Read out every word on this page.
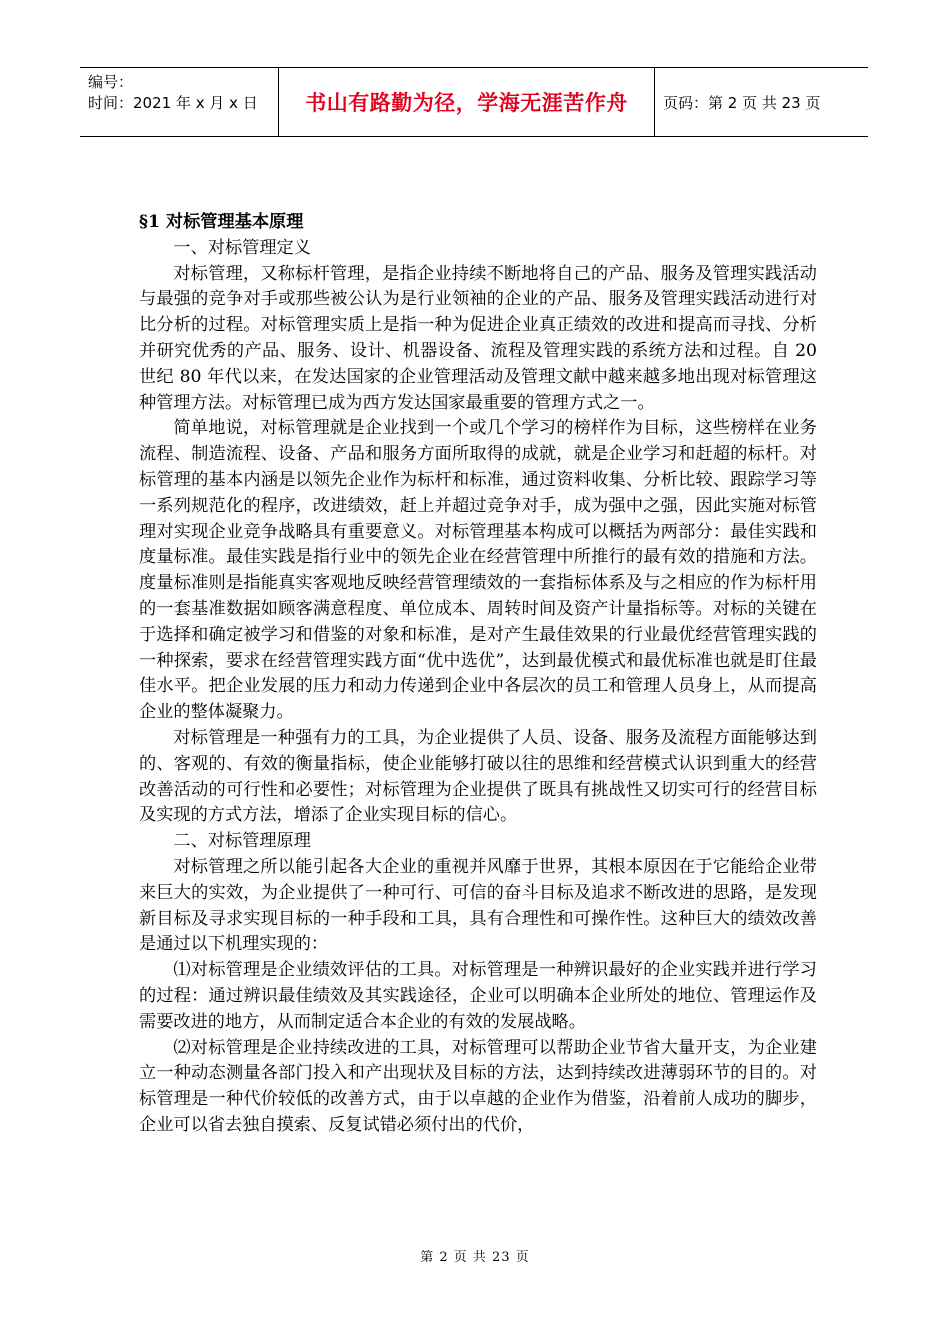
编号：
时间：2021 年 x 月 x 日	书山有路勤为径，学海无涯苦作舟	页码：第 2 页 共 23 页

§1 对标管理基本原理

一、对标管理定义

对标管理，又称标杆管理，是指企业持续不断地将自己的产品、服务及管理实践活动与最强的竞争对手或那些被公认为是行业领袖的企业的产品、服务及管理实践活动进行对比分析的过程。对标管理实质上是指一种为促进企业真正绩效的改进和提高而寻找、分析并研究优秀的产品、服务、设计、机器设备、流程及管理实践的系统方法和过程。自 20 世纪 80 年代以来，在发达国家的企业管理活动及管理文献中越来越多地出现对标管理这种管理方法。对标管理已成为西方发达国家最重要的管理方式之一。

简单地说，对标管理就是企业找到一个或几个学习的榜样作为目标，这些榜样在业务流程、制造流程、设备、产品和服务方面所取得的成就，就是企业学习和赶超的标杆。对标管理的基本内涵是以领先企业作为标杆和标准，通过资料收集、分析比较、跟踪学习等一系列规范化的程序，改进绩效，赶上并超过竞争对手，成为强中之强，因此实施对标管理对实现企业竞争战略具有重要意义。对标管理基本构成可以概括为两部分：最佳实践和度量标准。最佳实践是指行业中的领先企业在经营管理中所推行的最有效的措施和方法。度量标准则是指能真实客观地反映经营管理绩效的一套指标体系及与之相应的作为标杆用的一套基准数据如顾客满意程度、单位成本、周转时间及资产计量指标等。对标的关键在于选择和确定被学习和借鉴的对象和标准，是对产生最佳效果的行业最优经营管理实践的一种探索，要求在经营管理实践方面“优中选优”，达到最优模式和最优标准也就是盯住最佳水平。把企业发展的压力和动力传递到企业中各层次的员工和管理人员身上，从而提高企业的整体凝聚力。

对标管理是一种强有力的工具，为企业提供了人员、设备、服务及流程方面能够达到的、客观的、有效的衡量指标，使企业能够打破以往的思维和经营模式认识到重大的经营改善活动的可行性和必要性；对标管理为企业提供了既具有挑战性又切实可行的经营目标及实现的方式方法，增添了企业实现目标的信心。

二、对标管理原理

对标管理之所以能引起各大企业的重视并风靡于世界，其根本原因在于它能给企业带来巨大的实效，为企业提供了一种可行、可信的奋斗目标及追求不断改进的思路，是发现新目标及寻求实现目标的一种手段和工具，具有合理性和可操作性。这种巨大的绩效改善是通过以下机理实现的：

⑴对标管理是企业绩效评估的工具。对标管理是一种辨识最好的企业实践并进行学习的过程：通过辨识最佳绩效及其实践途径，企业可以明确本企业所处的地位、管理运作及需要改进的地方，从而制定适合本企业的有效的发展战略。

⑵对标管理是企业持续改进的工具，对标管理可以帮助企业节省大量开支，为企业建立一种动态测量各部门投入和产出现状及目标的方法，达到持续改进薄弱环节的目的。对标管理是一种代价较低的改善方式，由于以卓越的企业作为借鉴，沿着前人成功的脚步，企业可以省去独自摸索、反复试错必须付出的代价，

第 2 页 共 23 页
